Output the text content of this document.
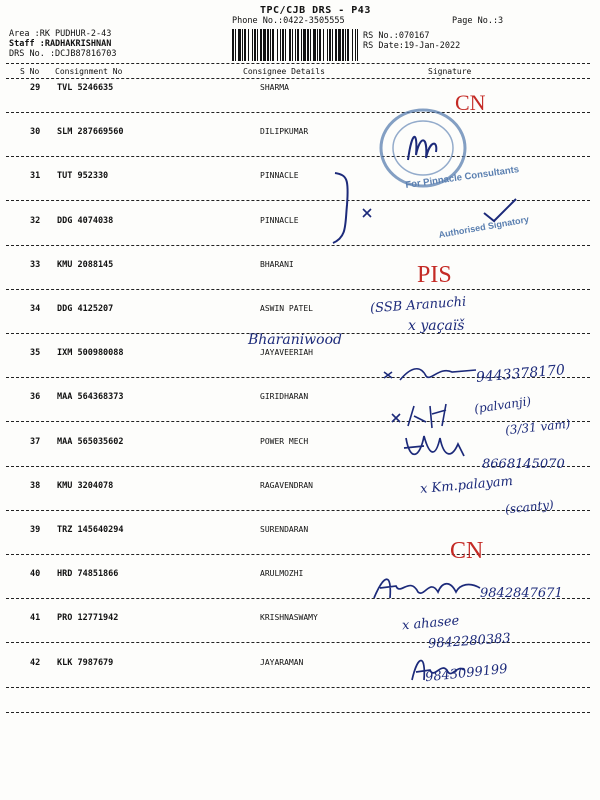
TPC/CJB DRS - P43
Phone No.:0422-3505555	Page No.:3
Area :RK PUDHUR-2-43
Staff :RADHAKRISHNAN
DRS No. :DCJB87816703
RS No.:070167
RS Date:19-Jan-2022
S No Consignment No	Consignee Details	Signature
29 TVL 5246635	SHARMA
30 SLM 287669560	DILIPKUMAR
31 TUT 952330	PINNACLE
32 DDG 4074038	PINNACLE
33 KMU 2088145	BHARANI
34 DDG 4125207	ASWIN PATEL
35 IXM 500980088	JAYAVEERIAH
36 MAA 564368373	GIRIDHARAN
37 MAA 565035602	POWER MECH
38 KMU 3204078	RAGAVENDRAN
39 TRZ 145640294	SURENDARAN
40 HRD 74851866	ARULMOZHI
41 PRO 12771942	KRISHNASWAMY
42 KLK 7987679	JAYARAMAN
For Pinnacle Consultants
Authorised Signatory
CN
PIS
CN
(SSB Aranuchi
x yaçaïš
Bharaniwood
9443378170
(palvanji)
(3/31 vam)
8668145070
x Km.palayam
(scanty)
9842847671
x ahasee
9842280383
9843099199
